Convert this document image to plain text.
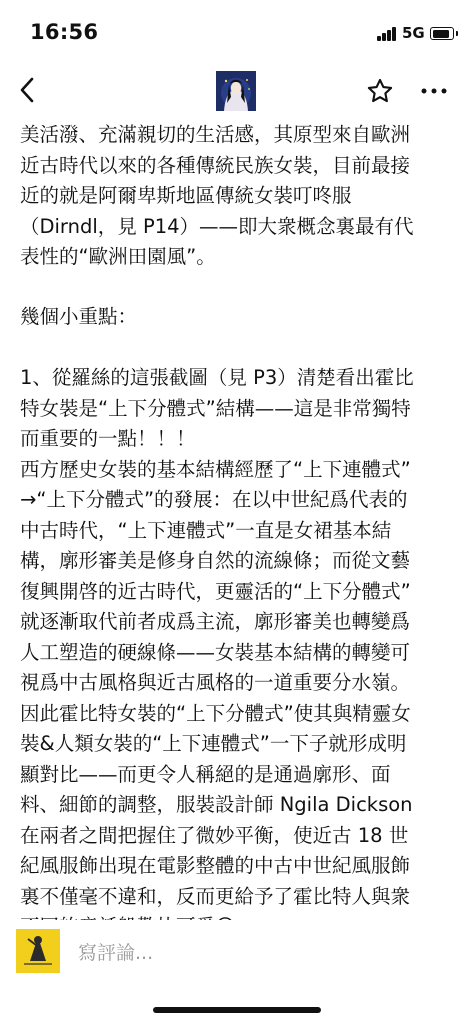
16:56	5G
美活潑、充滿親切的生活感，其原型來自歐洲
近古時代以來的各種傳統民族女裝，目前最接
近的就是阿爾卑斯地區傳統女裝叮咚服
（Dirndl，見 P14）——即大衆概念裏最有代
表性的“歐洲田園風”。
幾個小重點：
1、從羅絲的這張截圖（見 P3）清楚看出霍比
特女裝是“上下分體式”結構——這是非常獨特
而重要的一點！！！
西方歷史女裝的基本結構經歷了“上下連體式”
→“上下分體式”的發展：在以中世紀爲代表的
中古時代，“上下連體式”一直是女裙基本結
構，廓形審美是修身自然的流線條；而從文藝
復興開啓的近古時代，更靈活的“上下分體式”
就逐漸取代前者成爲主流，廓形審美也轉變爲
人工塑造的硬線條——女裝基本結構的轉變可
視爲中古風格與近古風格的一道重要分水嶺。
因此霍比特女裝的“上下分體式”使其與精靈女
裝&人類女裝的“上下連體式”一下子就形成明
顯對比——而更令人稱絕的是通過廓形、面
料、細節的調整，服裝設計師 Ngila Dickson
在兩者之間把握住了微妙平衡，使近古 18 世
紀風服飾出現在電影整體的中古中世紀風服飾
裏不僅毫不違和，反而更給予了霍比特人與衆
寫評論...
